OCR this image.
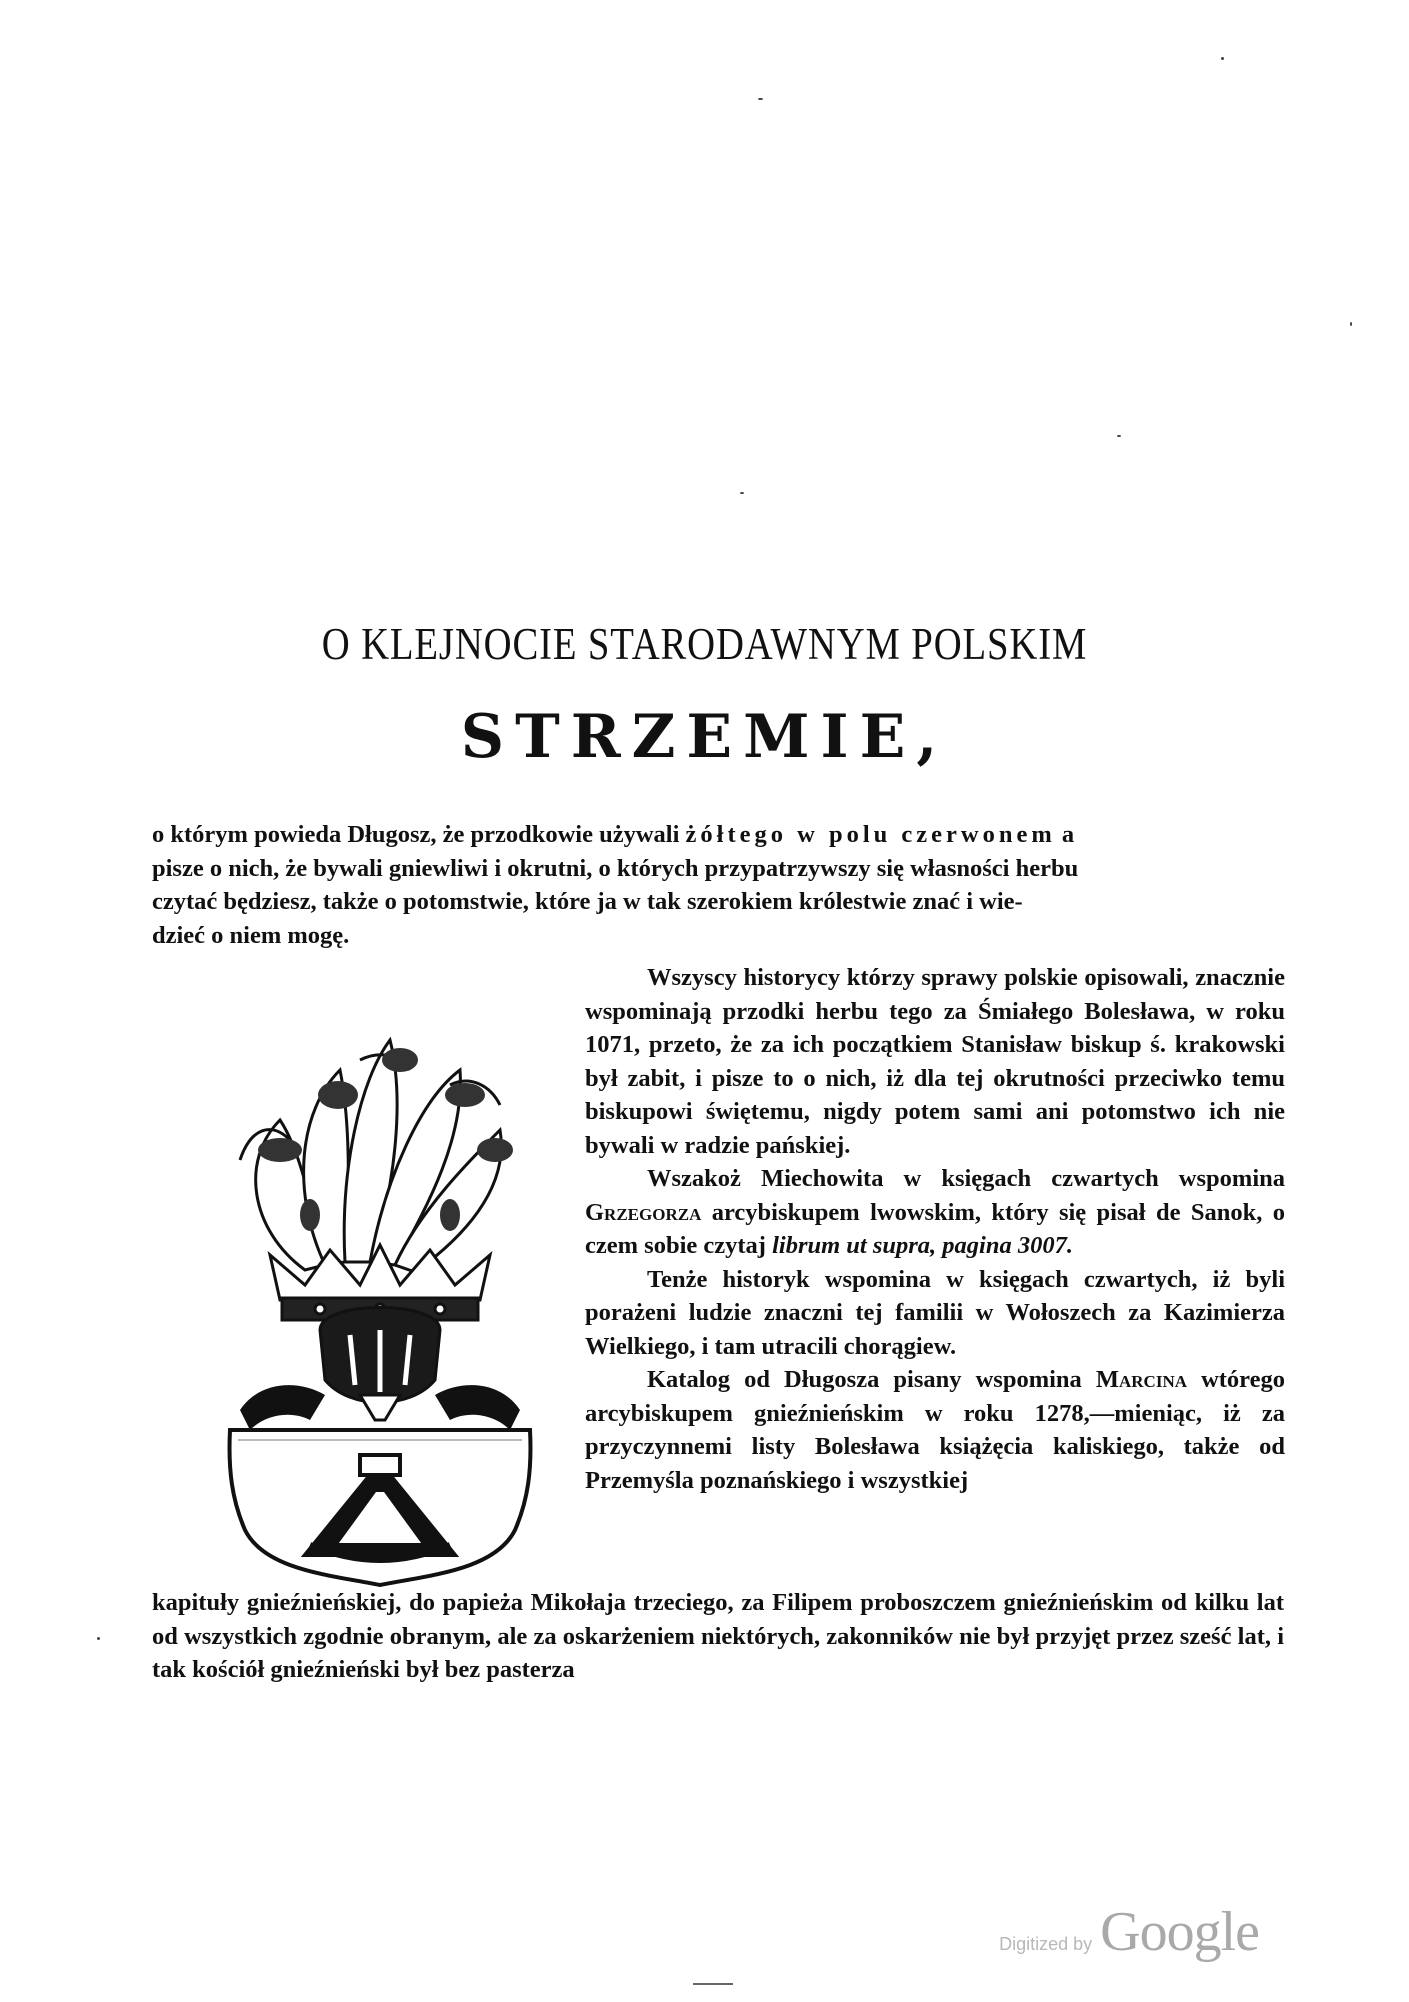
O KLEJNOCIE STARODAWNYM POLSKIM
STRZEMIE,
o którym powieda Długosz, że przodkowie używali żółtego w polu czerwonem a
pisze o nich, że bywali gniewliwi i okrutni, o których przypatrzywszy się własności herbu
czytać będziesz, także o potomstwie, które ja w tak szerokiem królestwie znać i wie-
dzieć o niem mogę.

Wszyscy historycy którzy sprawy polskie opisowali, znacznie wspominają przodki herbu tego za Śmiałego Bolesława, w roku 1071, przeto, że za ich początkiem Stanisław biskup ś. krakowski był zabit, i pisze to o nich, iż dla tej okrutności przeciwko temu biskupowi świętemu, nigdy potem sami ani potomstwo ich nie bywali w radzie pańskiej.

Wszakoż Miechowita w księgach czwartych wspomina Grzegorza arcybiskupem lwowskim, który się pisał de Sanok, o czem sobie czytaj librum ut supra, pagina 3007.

Tenże historyk wspomina w księgach czwartych, iż byli porażeni ludzie znaczni tej familii w Wołoszech za Kazimierza Wielkiego, i tam utracili chorągiew.

Katalog od Długosza pisany wspomina Marcina wtórego arcybiskupem gnieźnieńskim w roku 1278,—mieniąc, iż za przyczynnemi listy Bolesława książęcia kaliskiego, także od Przemyśla poznańskiego i wszystkiej

kapituły gnieźnieńskiej, do papieża Mikołaja trzeciego, za Filipem proboszczem gnieźnieńskim od kilku lat od wszystkich zgodnie obranym, ale za oskarżeniem niektórych, zakonników nie był przyjęt przez sześć lat, i tak kościół gnieźnieński był bez pasterza

Digitized by Google
